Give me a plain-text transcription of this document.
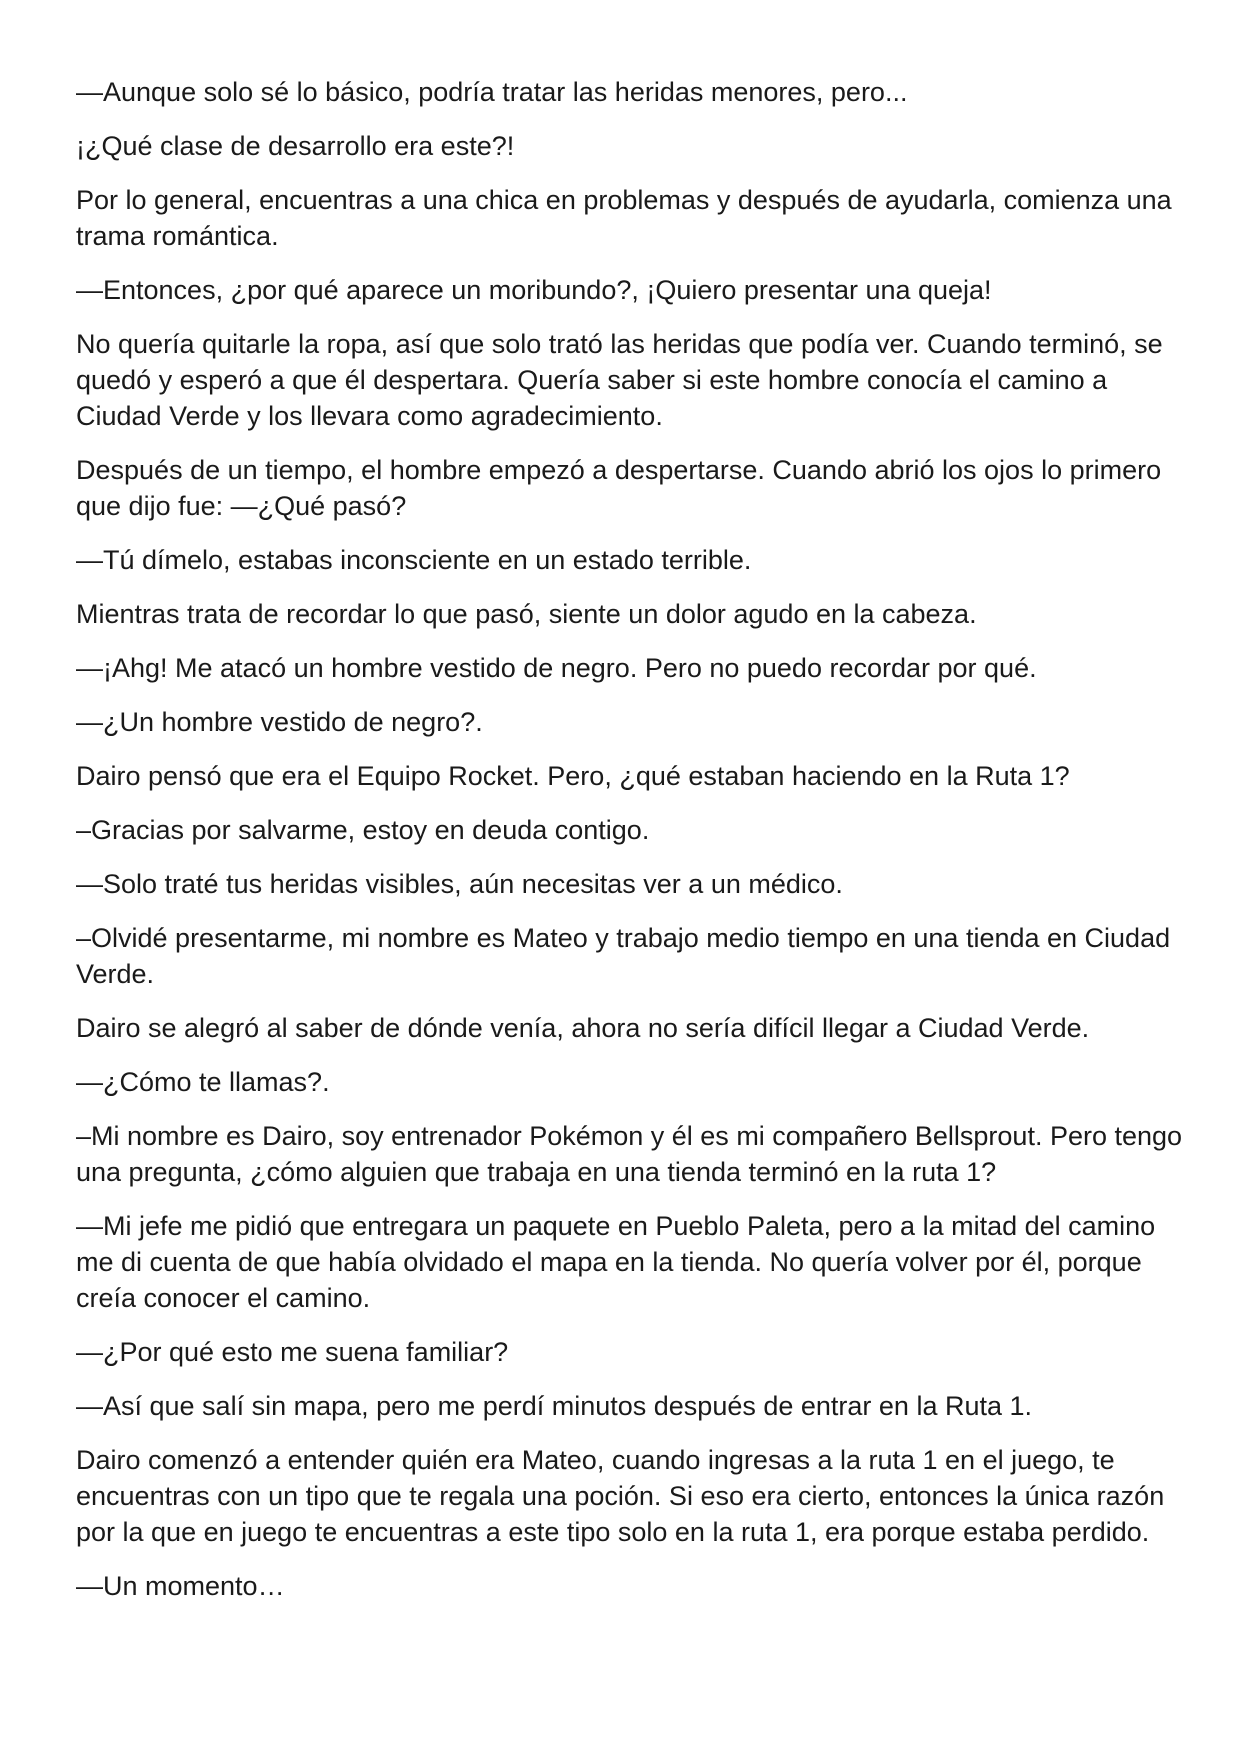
—Aunque solo sé lo básico, podría tratar las heridas menores, pero...

¡¿Qué clase de desarrollo era este?!

Por lo general, encuentras a una chica en problemas y después de ayudarla, comienza una trama romántica.

—Entonces, ¿por qué aparece un moribundo?, ¡Quiero presentar una queja!

No quería quitarle la ropa, así que solo trató las heridas que podía ver. Cuando terminó, se quedó y esperó a que él despertara. Quería saber si este hombre conocía el camino a Ciudad Verde y los llevara como agradecimiento.

Después de un tiempo, el hombre empezó a despertarse. Cuando abrió los ojos lo primero que dijo fue: —¿Qué pasó?

—Tú dímelo, estabas inconsciente en un estado terrible.

Mientras trata de recordar lo que pasó, siente un dolor agudo en la cabeza.

—¡Ahg! Me atacó un hombre vestido de negro. Pero no puedo recordar por qué.

—¿Un hombre vestido de negro?.

Dairo pensó que era el Equipo Rocket. Pero, ¿qué estaban haciendo en la Ruta 1?

–Gracias por salvarme, estoy en deuda contigo.

—Solo traté tus heridas visibles, aún necesitas ver a un médico.

–Olvidé presentarme, mi nombre es Mateo y trabajo medio tiempo en una tienda en Ciudad Verde.

Dairo se alegró al saber de dónde venía, ahora no sería difícil llegar a Ciudad Verde.

—¿Cómo te llamas?.

–Mi nombre es Dairo, soy entrenador Pokémon y él es mi compañero Bellsprout. Pero tengo una pregunta, ¿cómo alguien que trabaja en una tienda terminó en la ruta 1?

—Mi jefe me pidió que entregara un paquete en Pueblo Paleta, pero a la mitad del camino me di cuenta de que había olvidado el mapa en la tienda. No quería volver por él, porque creía conocer el camino.

—¿Por qué esto me suena familiar?

—Así que salí sin mapa, pero me perdí minutos después de entrar en la Ruta 1.

Dairo comenzó a entender quién era Mateo, cuando ingresas a la ruta 1 en el juego, te encuentras con un tipo que te regala una poción. Si eso era cierto, entonces la única razón por la que en juego te encuentras a este tipo solo en la ruta 1, era porque estaba perdido.

—Un momento…
